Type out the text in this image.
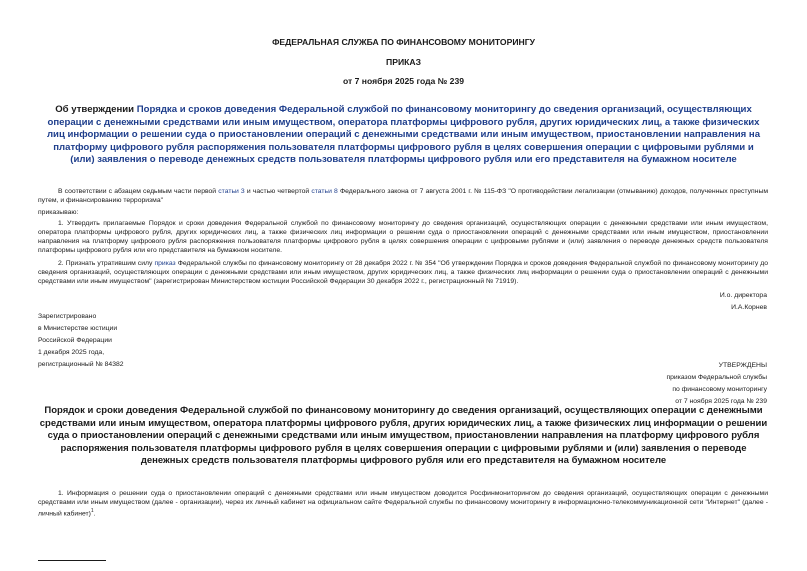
ФЕДЕРАЛЬНАЯ СЛУЖБА ПО ФИНАНСОВОМУ МОНИТОРИНГУ
ПРИКАЗ
от 7 ноября 2025 года № 239
Об утверждении Порядка и сроков доведения Федеральной службой по финансовому мониторингу до сведения организаций, осуществляющих операции с денежными средствами или иным имуществом, оператора платформы цифрового рубля, других юридических лиц, а также физических лиц информации о решении суда о приостановлении операций с денежными средствами или иным имуществом, приостановлении направления на платформу цифрового рубля распоряжения пользователя платформы цифрового рубля в целях совершения операции с цифровыми рублями и (или) заявления о переводе денежных средств пользователя платформы цифрового рубля или его представителя на бумажном носителе
В соответствии с абзацем седьмым части первой статьи 3 и частью четвертой статьи 8 Федерального закона от 7 августа 2001 г. № 115-ФЗ "О противодействии легализации (отмыванию) доходов, полученных преступным путем, и финансированию терроризма"
приказываю:
1. Утвердить прилагаемые Порядок и сроки доведения Федеральной службой по финансовому мониторингу до сведения организаций, осуществляющих операции с денежными средствами или иным имуществом, оператора платформы цифрового рубля, других юридических лиц, а также физических лиц информации о решении суда о приостановлении операций с денежными средствами или иным имуществом, приостановлении направления на платформу цифрового рубля распоряжения пользователя платформы цифрового рубля в целях совершения операции с цифровыми рублями и (или) заявления о переводе денежных средств пользователя платформы цифрового рубля или его представителя на бумажном носителе.
2. Признать утратившим силу приказ Федеральной службы по финансовому мониторингу от 28 декабря 2022 г. № 354 "Об утверждении Порядка и сроков доведения Федеральной службой по финансовому мониторингу до сведения организаций, осуществляющих операции с денежными средствами или иным имуществом, других юридических лиц, а также физических лиц информации о решении суда о приостановлении операций с денежными средствами или иным имуществом" (зарегистрирован Министерством юстиции Российской Федерации 30 декабря 2022 г., регистрационный № 71919).
И.о. директора
И.А.Корнев
Зарегистрировано
в Министерстве юстиции
Российской Федерации
1 декабря 2025 года,
регистрационный № 84382	УТВЕРЖДЕНЫ
приказом Федеральной службы
по финансовому мониторингу
от 7 ноября 2025 года № 239
Порядок и сроки доведения Федеральной службой по финансовому мониторингу до сведения организаций, осуществляющих операции с денежными средствами или иным имуществом, оператора платформы цифрового рубля, других юридических лиц, а также физических лиц информации о решении суда о приостановлении операций с денежными средствами или иным имуществом, приостановлении направления на платформу цифрового рубля распоряжения пользователя платформы цифрового рубля в целях совершения операции с цифровыми рублями и (или) заявления о переводе денежных средств пользователя платформы цифрового рубля или его представителя на бумажном носителе
1. Информация о решении суда о приостановлении операций с денежными средствами или иным имуществом доводится Росфинмониторингом до сведения организаций, осуществляющих операции с денежными средствами или иным имуществом (далее - организации), через их личный кабинет на официальном сайте Федеральной службы по финансовому мониторингу в информационно-телекоммуникационной сети "Интернет" (далее - личный кабинет)$^1$.
